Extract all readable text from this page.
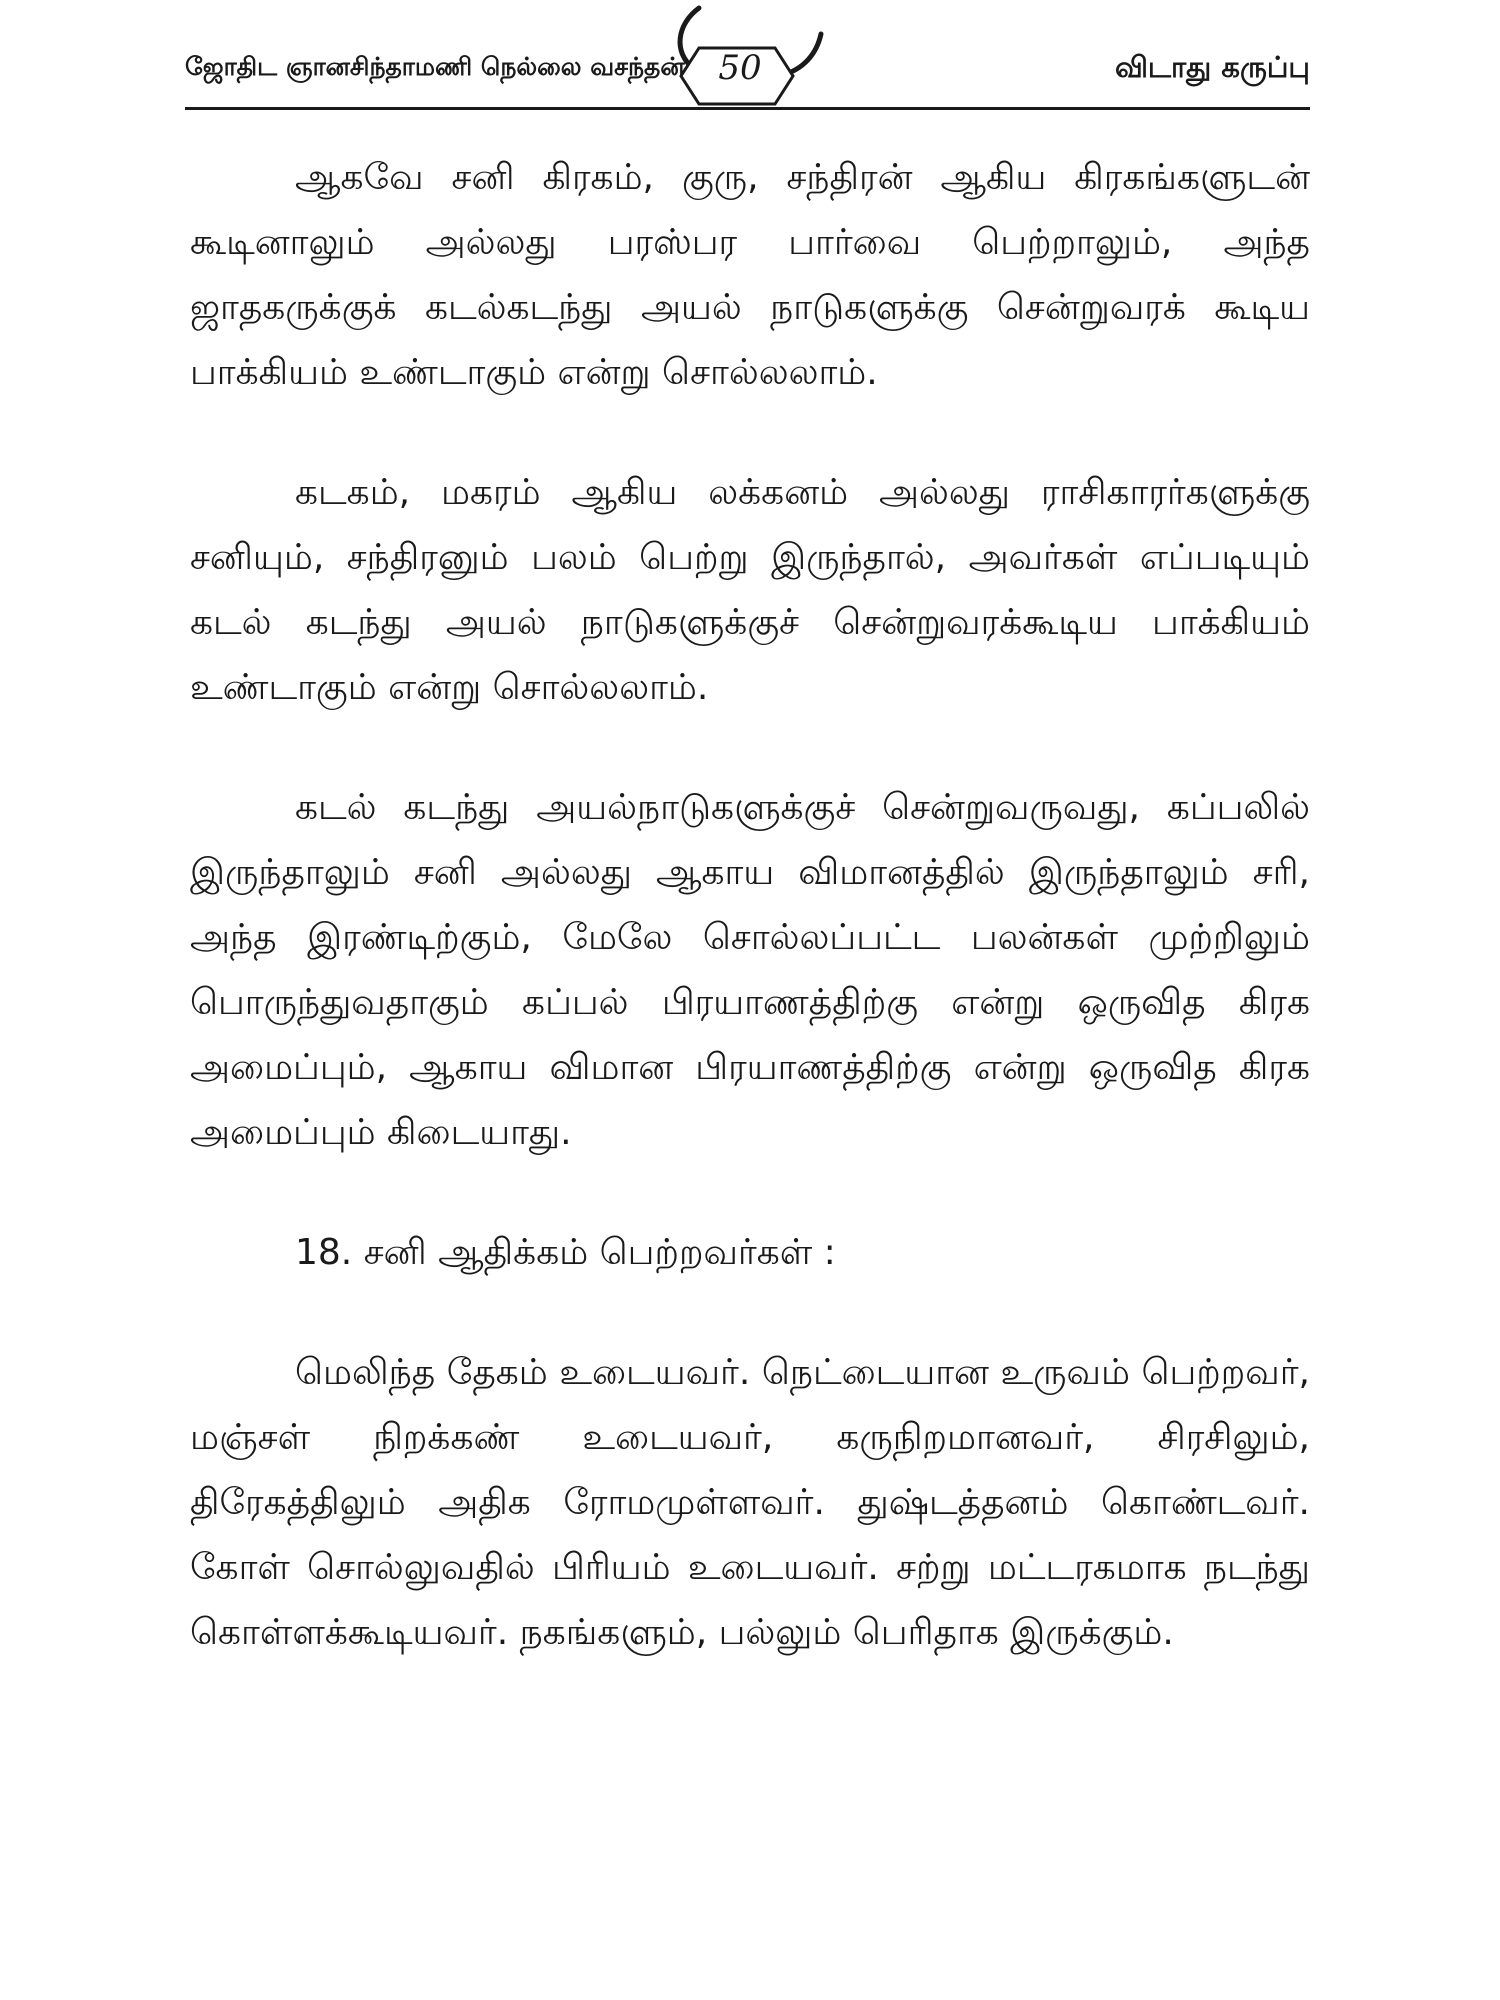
ஜோதிட ஞானசிந்தாமணி நெல்லை வசந்தன் 50	விடாது கருப்பு

ஆகவே சனி கிரகம், குரு, சந்திரன் ஆகிய கிரகங்களுடன் கூடினாலும் அல்லது பரஸ்பர பார்வை பெற்றாலும், அந்த ஜாதகருக்குக் கடல்கடந்து அயல் நாடுகளுக்கு சென்றுவரக் கூடிய பாக்கியம் உண்டாகும் என்று சொல்லலாம்.

கடகம், மகரம் ஆகிய லக்கனம் அல்லது ராசிகாரர்களுக்கு சனியும், சந்திரனும் பலம் பெற்று இருந்தால், அவர்கள் எப்படியும் கடல் கடந்து அயல் நாடுகளுக்குச் சென்றுவரக்கூடிய பாக்கியம் உண்டாகும் என்று சொல்லலாம்.

கடல் கடந்து அயல்நாடுகளுக்குச் சென்றுவருவது, கப்பலில் இருந்தாலும் சனி அல்லது ஆகாய விமானத்தில் இருந்தாலும் சரி, அந்த இரண்டிற்கும், மேலே சொல்லப்பட்ட பலன்கள் முற்றிலும் பொருந்துவதாகும் கப்பல் பிரயாணத்திற்கு என்று ஒருவித கிரக அமைப்பும், ஆகாய விமான பிரயாணத்திற்கு என்று ஒருவித கிரக அமைப்பும் கிடையாது.

18. சனி ஆதிக்கம் பெற்றவர்கள் :

மெலிந்த தேகம் உடையவர். நெட்டையான உருவம் பெற்றவர், மஞ்சள் நிறக்கண் உடையவர், கருநிறமானவர், சிரசிலும், திரேகத்திலும் அதிக ரோமமுள்ளவர். துஷ்டத்தனம் கொண்டவர். கோள் சொல்லுவதில் பிரியம் உடையவர். சற்று மட்டரகமாக நடந்து கொள்ளக்கூடியவர். நகங்களும், பல்லும் பெரிதாக இருக்கும்.
